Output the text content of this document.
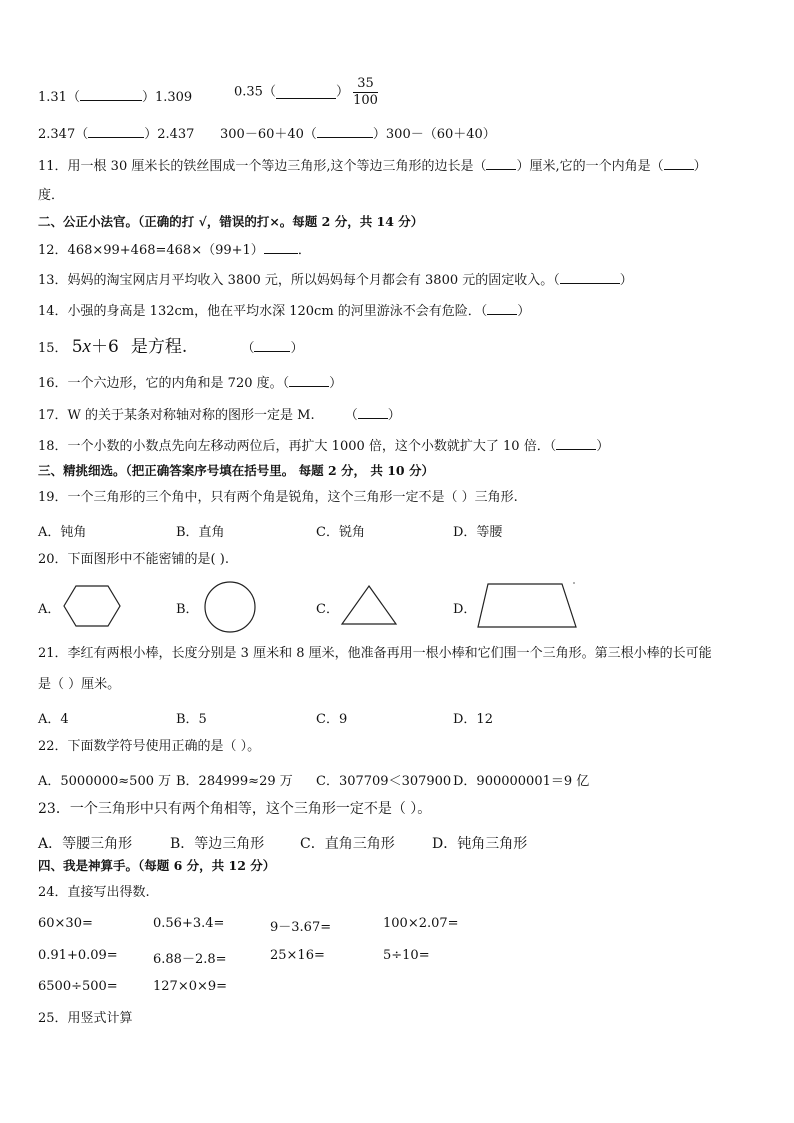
1.31（	）1.309	0.35（	） $\frac{35}{100}$
2.347（	）2.437 300－60＋40（	）300－（60＋40）
11．用一根 30 厘米长的铁丝围成一个等边三角形,这个等边三角形的边长是（ ）厘米,它的一个内角是（ ）
度．
二、公正小法官。（正确的打 √，错误的打×。每题 2 分，共 14 分）
12．468×99+468=468×（99+1）	．
13．妈妈的淘宝网店月平均收入 3800 元，所以妈妈每个月都会有 3800 元的固定收入。（	）
14．小强的身高是 132cm，他在平均水深 120cm 的河里游泳不会有危险．（ ）
15． 5x＋6 是方程.	（	）
16．一个六边形，它的内角和是 720 度。（	）
17．W 的关于某条对称轴对称的图形一定是 M. （ ）
18．一个小数的小数点先向左移动两位后，再扩大 1000 倍，这个小数就扩大了 10 倍．（	）
三、精挑细选。（把正确答案序号填在括号里。 每题 2 分， 共 10 分）
19．一个三角形的三个角中，只有两个角是锐角，这个三角形一定不是（ ）三角形.
A．钝角	B．直角	C．锐角	D．等腰
20．下面图形中不能密铺的是( ).
A．	B．	C．	D．
21．李红有两根小棒，长度分别是 3 厘米和 8 厘米，他准备再用一根小棒和它们围一个三角形。第三根小棒的长可能
是（ ）厘米。
A．4	B．5	C．9	D．12
22．下面数学符号使用正确的是（ ）。
A．5000000≈500 万 B．284999≈29 万 C．307709＜307900 D．900000001＝9 亿
23．一个三角形中只有两个角相等，这个三角形一定不是（ ）。
A．等腰三角形	B．等边三角形	C．直角三角形	D．钝角三角形
四、我是神算手。（每题 6 分，共 12 分）
24．直接写出得数.
60×30=	0.56+3.4=	9－3.67=	100×2.07=
0.91+0.09=	6.88－2.8=	25×16=	5÷10=
6500÷500=	127×0×9=
25．用竖式计算
